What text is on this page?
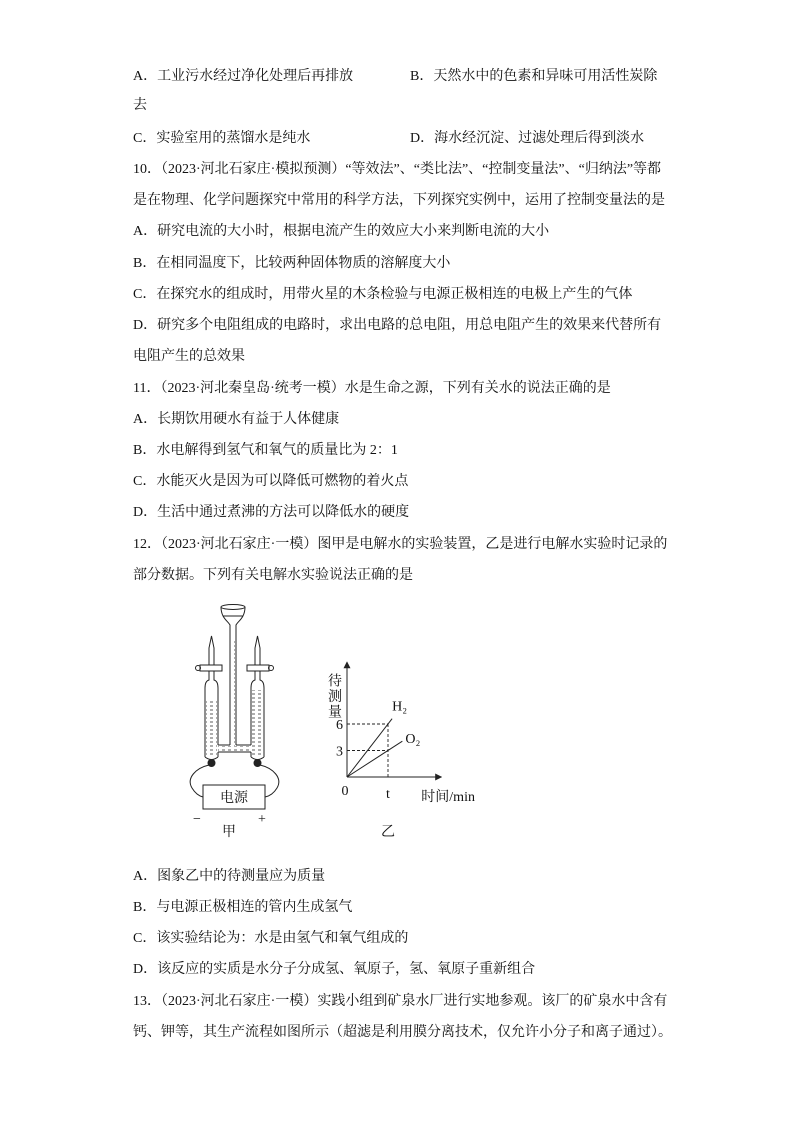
A．工业污水经过净化处理后再排放	B．天然水中的色素和异味可用活性炭除
去
C．实验室用的蒸馏水是纯水	D．海水经沉淀、过滤处理后得到淡水
10．（2023·河北石家庄·模拟预测）“等效法”、“类比法”、“控制变量法”、“归纳法”等都
是在物理、化学问题探究中常用的科学方法，下列探究实例中，运用了控制变量法的是
A．研究电流的大小时，根据电流产生的效应大小来判断电流的大小
B．在相同温度下，比较两种固体物质的溶解度大小
C．在探究水的组成时，用带火星的木条检验与电源正极相连的电极上产生的气体
D．研究多个电阻组成的电路时，求出电路的总电阻，用总电阻产生的效果来代替所有
电阻产生的总效果
11．（2023·河北秦皇岛·统考一模）水是生命之源，下列有关水的说法正确的是
A．长期饮用硬水有益于人体健康
B．水电解得到氢气和氧气的质量比为 2：1
C．水能灭火是因为可以降低可燃物的着火点
D．生活中通过煮沸的方法可以降低水的硬度
12．（2023·河北石家庄·一模）图甲是电解水的实验装置，乙是进行电解水实验时记录的
部分数据。下列有关电解水实验说法正确的是
电源
−	+
甲
H₂
O₂
3
6
t
0	时间/min
乙
待测量
A．图象乙中的待测量应为质量
B．与电源正极相连的管内生成氢气
C．该实验结论为：水是由氢气和氧气组成的
D．该反应的实质是水分子分成氢、氧原子，氢、氧原子重新组合
13．（2023·河北石家庄·一模）实践小组到矿泉水厂进行实地参观。该厂的矿泉水中含有
钙、钾等，其生产流程如图所示（超滤是利用膜分离技术，仅允许小分子和离子通过）。
